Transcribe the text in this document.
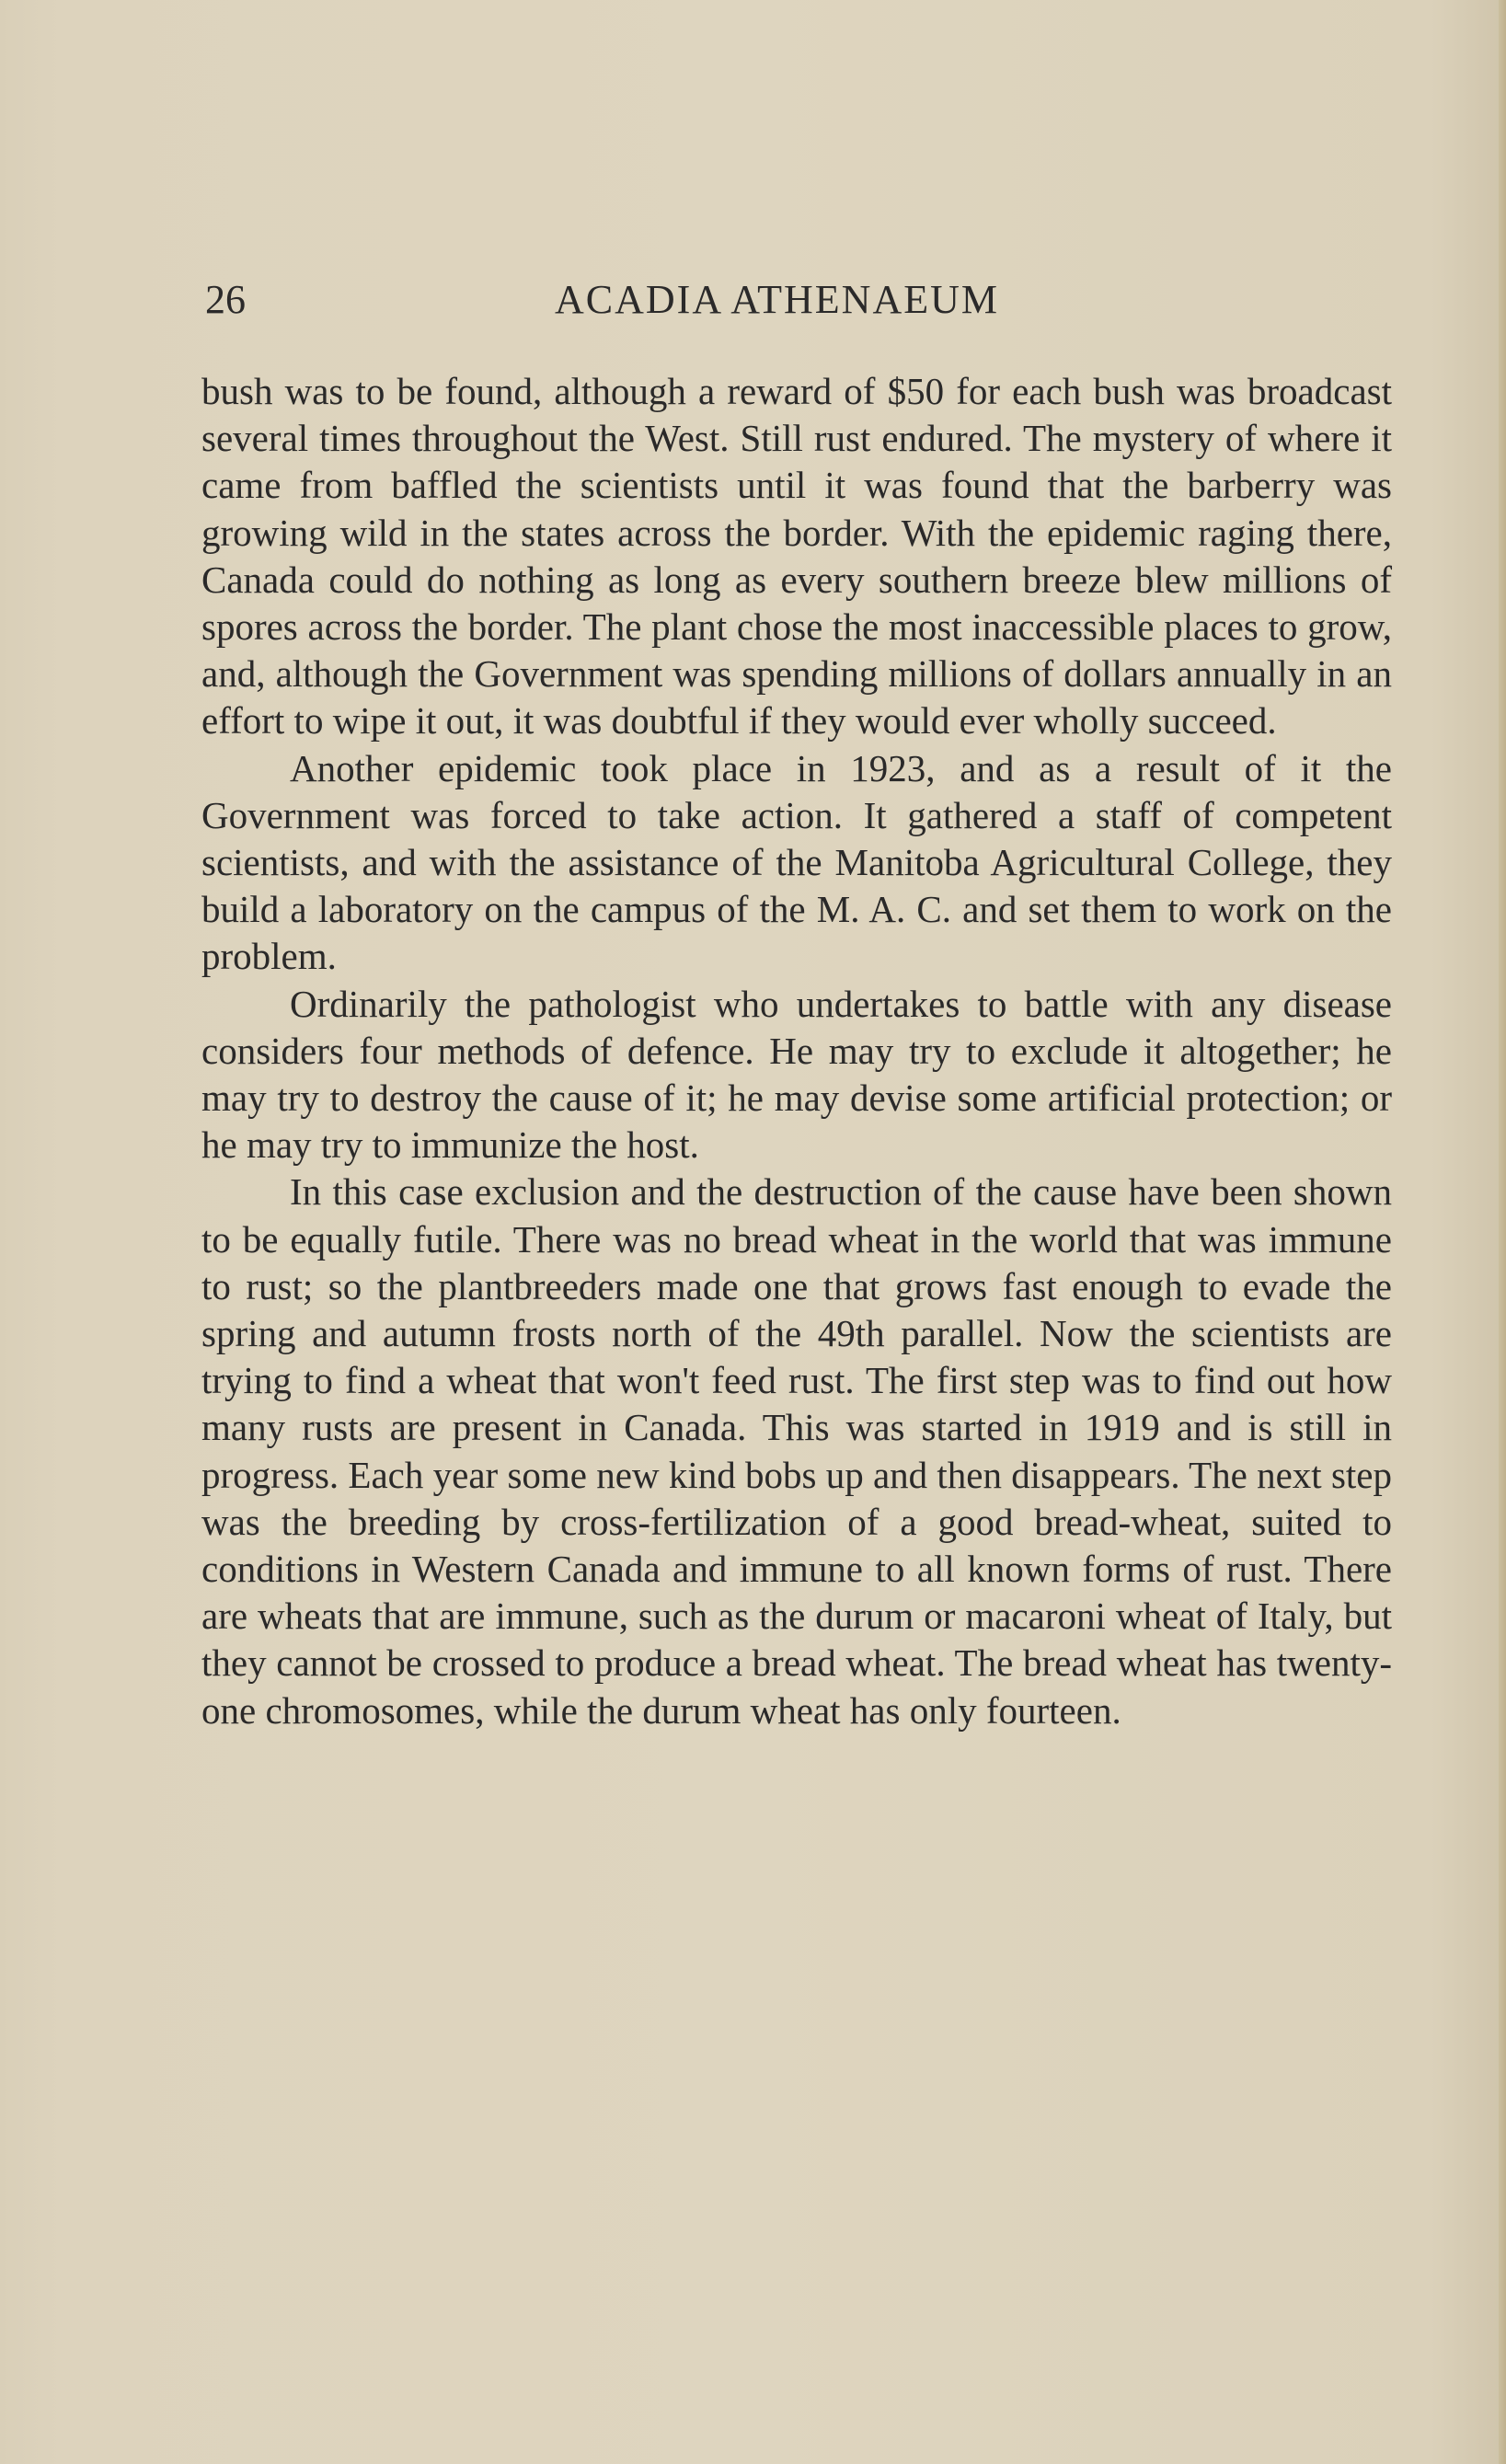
26	ACADIA ATHENAEUM

bush was to be found, although a reward of $50 for each bush was broadcast several times throughout the West. Still rust endured. The mystery of where it came from baffled the scientists until it was found that the barberry was growing wild in the states across the border. With the epidemic raging there, Canada could do nothing as long as every southern breeze blew millions of spores across the border. The plant chose the most inaccessible places to grow, and, although the Government was spending millions of dollars annually in an effort to wipe it out, it was doubtful if they would ever wholly succeed.

Another epidemic took place in 1923, and as a result of it the Government was forced to take action. It gathered a staff of competent scientists, and with the assistance of the Manitoba Agricultural College, they build a laboratory on the campus of the M. A. C. and set them to work on the problem.

Ordinarily the pathologist who undertakes to battle with any disease considers four methods of defence. He may try to exclude it altogether; he may try to destroy the cause of it; he may devise some artificial protection; or he may try to immunize the host.

In this case exclusion and the destruction of the cause have been shown to be equally futile. There was no bread wheat in the world that was immune to rust; so the plantbreeders made one that grows fast enough to evade the spring and autumn frosts north of the 49th parallel. Now the scientists are trying to find a wheat that won't feed rust. The first step was to find out how many rusts are present in Canada. This was started in 1919 and is still in progress. Each year some new kind bobs up and then disappears. The next step was the breeding by cross-fertilization of a good bread-wheat, suited to conditions in Western Canada and immune to all known forms of rust. There are wheats that are immune, such as the durum or macaroni wheat of Italy, but they cannot be crossed to produce a bread wheat. The bread wheat has twenty-one chromosomes, while the durum wheat has only fourteen.
